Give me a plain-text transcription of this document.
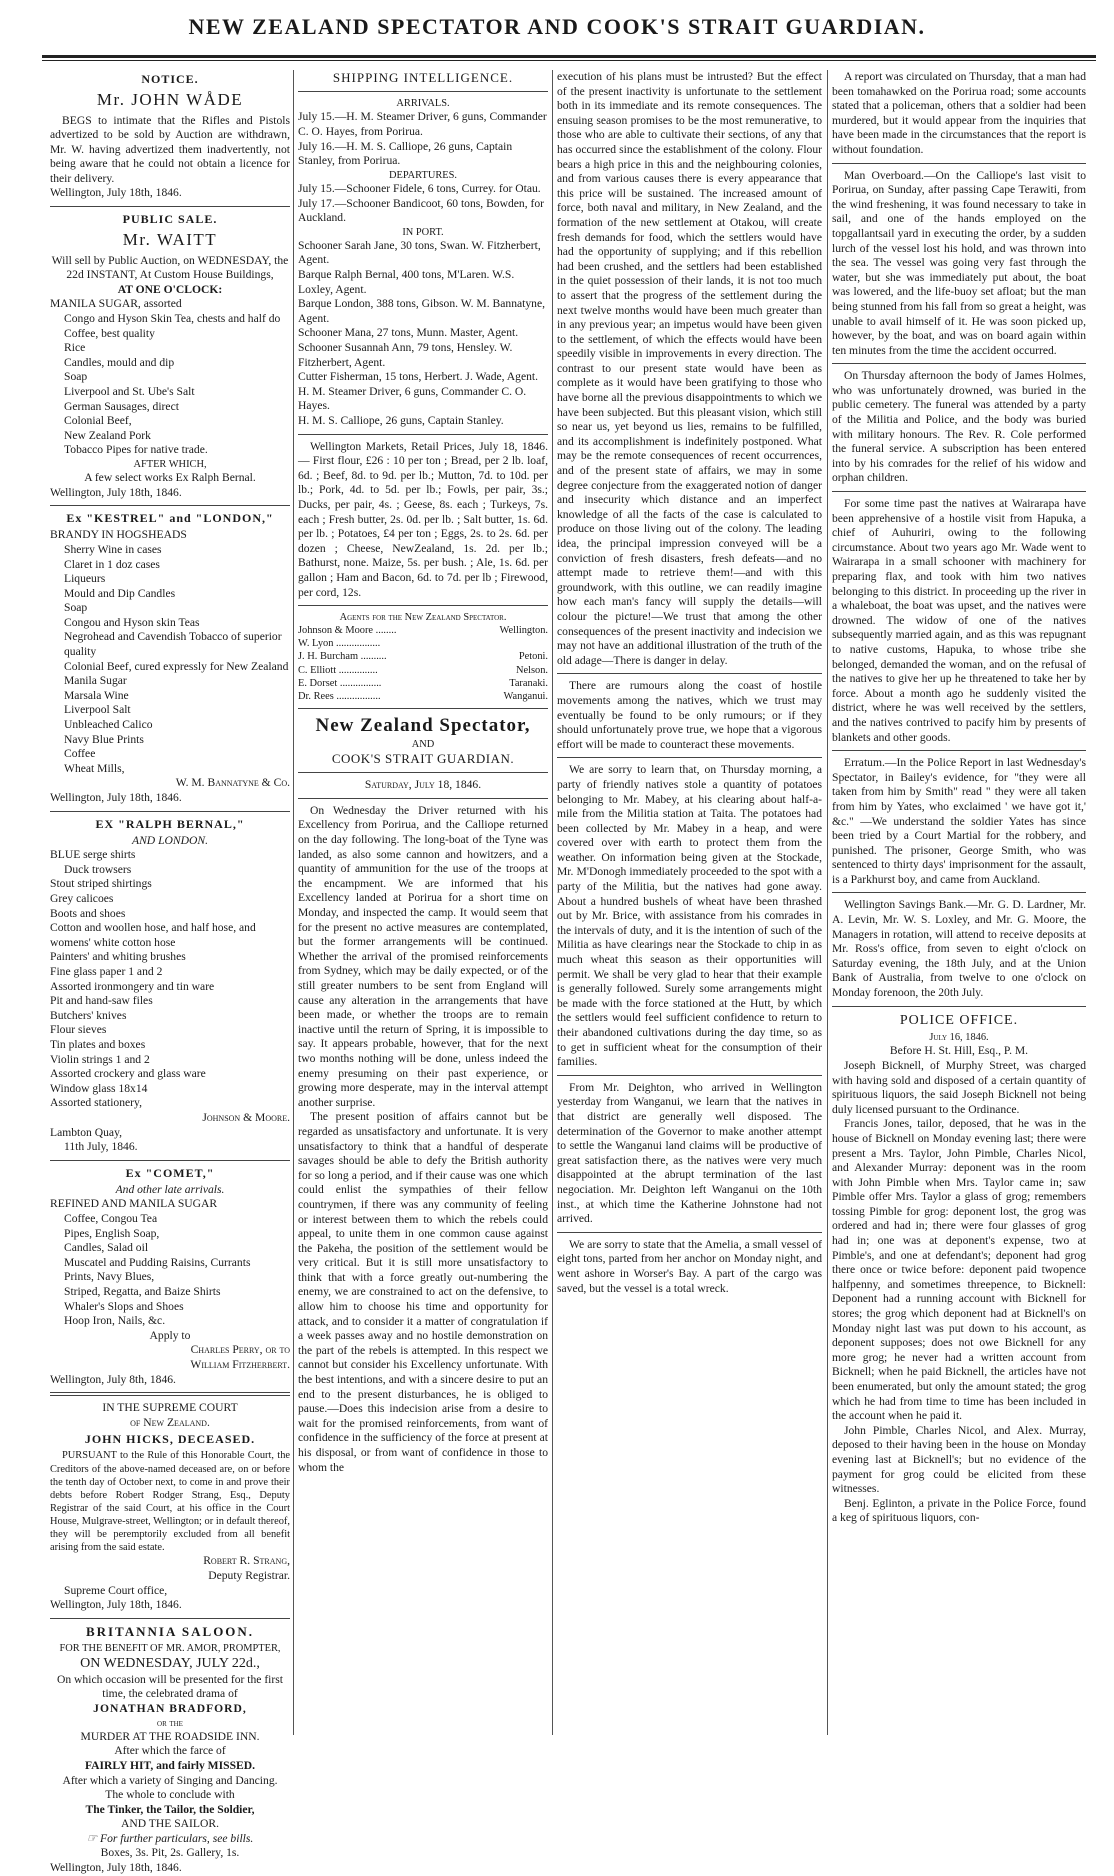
NEW ZEALAND SPECTATOR AND COOK'S STRAIT GUARDIAN.
NOTICE.
Mr. JOHN WÅDE

BEGS to intimate that the Rifles and Pistols advertized to be sold by Auction are withdrawn, Mr. W. having advertized them inadvertently, not being aware that he could not obtain a licence for their delivery.

Wellington, July 18th, 1846.
PUBLIC SALE.
Mr. WAITT
Will sell by Public Auction, on WEDNESDAY, the 22d INSTANT, At Custom House Buildings,
AT ONE O'CLOCK:
MANILA SUGAR, assorted
Congo and Hyson Skin Tea, chests and half do
Coffee, best quality
Rice
Candles, mould and dip
Soap
Liverpool and St. Ube's Salt
German Sausages, direct
Colonial Beef,
New Zealand Pork
Tobacco Pipes for native trade.
AFTER WHICH,
A few select works Ex Ralph Bernal.
Wellington, July 18th, 1846.
Ex "KESTREL" and "LONDON,"
BRANDY IN HOGSHEADS
Sherry Wine in cases
Claret in 1 doz cases
Liqueurs
Mould and Dip Candles
Soap
Congou and Hyson skin Teas
Negrohead and Cavendish Tobacco of superior quality
Colonial Beef, cured expressly for New Zealand
Manila Sugar
Marsala Wine
Liverpool Salt
Unbleached Calico
Navy Blue Prints
Coffee
Wheat Mills,
W. M. Bannatyne & Co.
Wellington, July 18th, 1846.
EX "RALPH BERNAL,"
AND LONDON.
BLUE serge shirts
Duck trowsers
Stout striped shirtings
Grey calicoes
Boots and shoes
Cotton and woollen hose, and half hose, and womens' white cotton hose
Painters' and whiting brushes
Fine glass paper 1 and 2
Assorted ironmongery and tin ware
Pit and hand-saw files
Butchers' knives
Flour sieves
Tin plates and boxes
Violin strings 1 and 2
Assorted crockery and glass ware
Window glass 18x14
Assorted stationery,
Johnson & Moore.
Lambton Quay,
11th July, 1846.
Ex "COMET,"
And other late arrivals.
REFINED AND MANILA SUGAR
Coffee, Congou Tea
Pipes, English Soap,
Candles, Salad oil
Muscatel and Pudding Raisins, Currants
Prints, Navy Blues,
Striped, Regatta, and Baize Shirts
Whaler's Slops and Shoes
Hoop Iron, Nails, &c.
Apply to
Charles Perry, or to
William Fitzherbert.
Wellington, July 8th, 1846.
IN THE SUPREME COURT
of New Zealand.
JOHN HICKS, DECEASED.

PURSUANT to the Rule of this Honorable Court, the Creditors of the above-named deceased are, on or before the tenth day of October next, to come in and prove their debts before Robert Rodger Strang, Esq., Deputy Registrar of the said Court, at his office in the Court House, Mulgrave-street, Wellington; or in default thereof, they will be peremptorily excluded from all benefit arising from the said estate.

Robert R. Strang,
Deputy Registrar.
Supreme Court office,
Wellington, July 18th, 1846.
BRITANNIA SALOON.
FOR THE BENEFIT OF MR. AMOR, PROMPTER,
ON WEDNESDAY, JULY 22d.,
On which occasion will be presented for the first time, the celebrated drama of
JONATHAN BRADFORD,
or the
MURDER AT THE ROADSIDE INN.
After which the farce of
FAIRLY HIT, and fairly MISSED.
After which a variety of Singing and Dancing.
The whole to conclude with
The Tinker, the Tailor, the Soldier,
AND THE SAILOR.
☞ For further particulars, see bills.
Boxes, 3s. Pit, 2s. Gallery, 1s.
Wellington, July 18th, 1846.
SHIPPING INTELLIGENCE.
ARRIVALS.
July 15.—H. M. Steamer Driver, 6 guns, Commander C. O. Hayes, from Porirua.
July 16.—H. M. S. Calliope, 26 guns, Captain Stanley, from Porirua.
DEPARTURES.
July 15.—Schooner Fidele, 6 tons, Currey. for Otau.
July 17.—Schooner Bandicoot, 60 tons, Bowden, for Auckland.
IN PORT.
Schooner Sarah Jane, 30 tons, Swan. W. Fitzherbert, Agent.
Barque Ralph Bernal, 400 tons, M'Laren. W.S. Loxley, Agent.
Barque London, 388 tons, Gibson. W. M. Bannatyne, Agent.
Schooner Mana, 27 tons, Munn. Master, Agent.
Schooner Susannah Ann, 79 tons, Hensley. W. Fitzherbert, Agent.
Cutter Fisherman, 15 tons, Herbert. J. Wade, Agent.
H. M. Steamer Driver, 6 guns, Commander C. O. Hayes.
H. M. S. Calliope, 26 guns, Captain Stanley.

Wellington Markets, Retail Prices, July 18, 1846. — First flour, £26 : 10 per ton ; Bread, per 2 lb. loaf, 6d. ; Beef, 8d. to 9d. per lb.; Mutton, 7d. to 10d. per lb.; Pork, 4d. to 5d. per lb.; Fowls, per pair, 3s.; Ducks, per pair, 4s. ; Geese, 8s. each ; Turkeys, 7s. each ; Fresh butter, 2s. 0d. per lb. ; Salt butter, 1s. 6d. per lb. ; Potatoes, £4 per ton ; Eggs, 2s. to 2s. 6d. per dozen ; Cheese, NewZealand, 1s. 2d. per lb.; Bathurst, none. Maize, 5s. per bush. ; Ale, 1s. 6d. per gallon ; Ham and Bacon, 6d. to 7d. per lb ; Firewood, per cord, 12s.

Agents for the New Zealand Spectator.
Johnson & Moore ........	Wellington.
W. Lyon .................
J. H. Burcham ..........	Petoni.
C. Elliott ...............	Nelson.
E. Dorset ................	Taranaki.
Dr. Rees .................	Wanganui.
New Zealand Spectator,
AND
COOK'S STRAIT GUARDIAN.
Saturday, July 18, 1846.

On Wednesday the Driver returned with his Excellency from Porirua, and the Calliope returned on the day following. The long-boat of the Tyne was landed, as also some cannon and howitzers, and a quantity of ammunition for the use of the troops at the encampment. We are informed that his Excellency landed at Porirua for a short time on Monday, and inspected the camp. It would seem that for the present no active measures are contemplated, but the former arrangements will be continued. Whether the arrival of the promised reinforcements from Sydney, which may be daily expected, or of the still greater numbers to be sent from England will cause any alteration in the arrangements that have been made, or whether the troops are to remain inactive until the return of Spring, it is impossible to say. It appears probable, however, that for the next two months nothing will be done, unless indeed the enemy presuming on their past experience, or growing more desperate, may in the interval attempt another surprise.

The present position of affairs cannot but be regarded as unsatisfactory and unfortunate. It is very unsatisfactory to think that a handful of desperate savages should be able to defy the British authority for so long a period, and if their cause was one which could enlist the sympathies of their fellow countrymen, if there was any community of feeling or interest between them to which the rebels could appeal, to unite them in one common cause against the Pakeha, the position of the settlement would be very critical. But it is still more unsatisfactory to think that with a force greatly out-numbering the enemy, we are constrained to act on the defensive, to allow him to choose his time and opportunity for attack, and to consider it a matter of congratulation if a week passes away and no hostile demonstration on the part of the rebels is attempted. In this respect we cannot but consider his Excellency unfortunate. With the best intentions, and with a sincere desire to put an end to the present disturbances, he is obliged to pause.—Does this indecision arise from a desire to wait for the promised reinforcements, from want of confidence in the sufficiency of the force at present at his disposal, or from want of confidence in those to whom the

execution of his plans must be intrusted? But the effect of the present inactivity is unfortunate to the settlement both in its immediate and its remote consequences. The ensuing season promises to be the most remunerative, to those who are able to cultivate their sections, of any that has occurred since the establishment of the colony. Flour bears a high price in this and the neighbouring colonies, and from various causes there is every appearance that this price will be sustained. The increased amount of force, both naval and military, in New Zealand, and the formation of the new settlement at Otakou, will create fresh demands for food, which the settlers would have had the opportunity of supplying; and if this rebellion had been crushed, and the settlers had been established in the quiet possession of their lands, it is not too much to assert that the progress of the settlement during the next twelve months would have been much greater than in any previous year; an impetus would have been given to the settlement, of which the effects would have been speedily visible in improvements in every direction. The contrast to our present state would have been as complete as it would have been gratifying to those who have borne all the previous disappointments to which we have been subjected. But this pleasant vision, which still so near us, yet beyond us lies, remains to be fulfilled, and its accomplishment is indefinitely postponed. What may be the remote consequences of recent occurrences, and of the present state of affairs, we may in some degree conjecture from the exaggerated notion of danger and insecurity which distance and an imperfect knowledge of all the facts of the case is calculated to produce on those living out of the colony. The leading idea, the principal impression conveyed will be a conviction of fresh disasters, fresh defeats—and no attempt made to retrieve them!—and with this groundwork, with this outline, we can readily imagine how each man's fancy will supply the details—will colour the picture!—We trust that among the other consequences of the present inactivity and indecision we may not have an additional illustration of the truth of the old adage—There is danger in delay.

There are rumours along the coast of hostile movements among the natives, which we trust may eventually be found to be only rumours; or if they should unfortunately prove true, we hope that a vigorous effort will be made to counteract these movements.

We are sorry to learn that, on Thursday morning, a party of friendly natives stole a quantity of potatoes belonging to Mr. Mabey, at his clearing about half-a-mile from the Militia station at Taita. The potatoes had been collected by Mr. Mabey in a heap, and were covered over with earth to protect them from the weather. On information being given at the Stockade, Mr. M'Donogh immediately proceeded to the spot with a party of the Militia, but the natives had gone away. About a hundred bushels of wheat have been thrashed out by Mr. Brice, with assistance from his comrades in the intervals of duty, and it is the intention of such of the Militia as have clearings near the Stockade to chip in as much wheat this season as their opportunities will permit. We shall be very glad to hear that their example is generally followed. Surely some arrangements might be made with the force stationed at the Hutt, by which the settlers would feel sufficient confidence to return to their abandoned cultivations during the day time, so as to get in sufficient wheat for the consumption of their families.

From Mr. Deighton, who arrived in Wellington yesterday from Wanganui, we learn that the natives in that district are generally well disposed. The determination of the Governor to make another attempt to settle the Wanganui land claims will be productive of great satisfaction there, as the natives were very much disappointed at the abrupt termination of the last negociation. Mr. Deighton left Wanganui on the 10th inst., at which time the Katherine Johnstone had not arrived.

We are sorry to state that the Amelia, a small vessel of eight tons, parted from her anchor on Monday night, and went ashore in Worser's Bay. A part of the cargo was saved, but the vessel is a total wreck.

A report was circulated on Thursday, that a man had been tomahawked on the Porirua road; some accounts stated that a policeman, others that a soldier had been murdered, but it would appear from the inquiries that have been made in the circumstances that the report is without foundation.

Man Overboard.—On the Calliope's last visit to Porirua, on Sunday, after passing Cape Terawiti, from the wind freshening, it was found necessary to take in sail, and one of the hands employed on the topgallantsail yard in executing the order, by a sudden lurch of the vessel lost his hold, and was thrown into the sea. The vessel was going very fast through the water, but she was immediately put about, the boat was lowered, and the life-buoy set afloat; but the man being stunned from his fall from so great a height, was unable to avail himself of it. He was soon picked up, however, by the boat, and was on board again within ten minutes from the time the accident occurred.

On Thursday afternoon the body of James Holmes, who was unfortunately drowned, was buried in the public cemetery. The funeral was attended by a party of the Militia and Police, and the body was buried with military honours. The Rev. R. Cole performed the funeral service. A subscription has been entered into by his comrades for the relief of his widow and orphan children.

For some time past the natives at Wairarapa have been apprehensive of a hostile visit from Hapuka, a chief of Auhuriri, owing to the following circumstance. About two years ago Mr. Wade went to Wairarapa in a small schooner with machinery for preparing flax, and took with him two natives belonging to this district. In proceeding up the river in a whaleboat, the boat was upset, and the natives were drowned. The widow of one of the natives subsequently married again, and as this was repugnant to native customs, Hapuka, to whose tribe she belonged, demanded the woman, and on the refusal of the natives to give her up he threatened to take her by force. About a month ago he suddenly visited the district, where he was well received by the settlers, and the natives contrived to pacify him by presents of blankets and other goods.

Erratum.—In the Police Report in last Wednesday's Spectator, in Bailey's evidence, for "they were all taken from him by Smith" read " they were all taken from him by Yates, who exclaimed ' we have got it,' &c." —We understand the soldier Yates has since been tried by a Court Martial for the robbery, and punished. The prisoner, George Smith, who was sentenced to thirty days' imprisonment for the assault, is a Parkhurst boy, and came from Auckland.

Wellington Savings Bank.—Mr. G. D. Lardner, Mr. A. Levin, Mr. W. S. Loxley, and Mr. G. Moore, the Managers in rotation, will attend to receive deposits at Mr. Ross's office, from seven to eight o'clock on Saturday evening, the 18th July, and at the Union Bank of Australia, from twelve to one o'clock on Monday forenoon, the 20th July.

POLICE OFFICE.
July 16, 1846.
Before H. St. Hill, Esq., P. M.

Joseph Bicknell, of Murphy Street, was charged with having sold and disposed of a certain quantity of spirituous liquors, the said Joseph Bicknell not being duly licensed pursuant to the Ordinance.

Francis Jones, tailor, deposed, that he was in the house of Bicknell on Monday evening last; there were present a Mrs. Taylor, John Pimble, Charles Nicol, and Alexander Murray: deponent was in the room with John Pimble when Mrs. Taylor came in; saw Pimble offer Mrs. Taylor a glass of grog; remembers tossing Pimble for grog: deponent lost, the grog was ordered and had in; there were four glasses of grog had in; one was at deponent's expense, two at Pimble's, and one at defendant's; deponent had grog there once or twice before: deponent paid twopence halfpenny, and sometimes threepence, to Bicknell: Deponent had a running account with Bicknell for stores; the grog which deponent had at Bicknell's on Monday night last was put down to his account, as deponent supposes; does not owe Bicknell for any more grog; he never had a written account from Bicknell; when he paid Bicknell, the articles have not been enumerated, but only the amount stated; the grog which he had from time to time has been included in the account when he paid it.

John Pimble, Charles Nicol, and Alex. Murray, deposed to their having been in the house on Monday evening last at Bicknell's; but no evidence of the payment for grog could be elicited from these witnesses.

Benj. Eglinton, a private in the Police Force, found a keg of spirituous liquors, con-
